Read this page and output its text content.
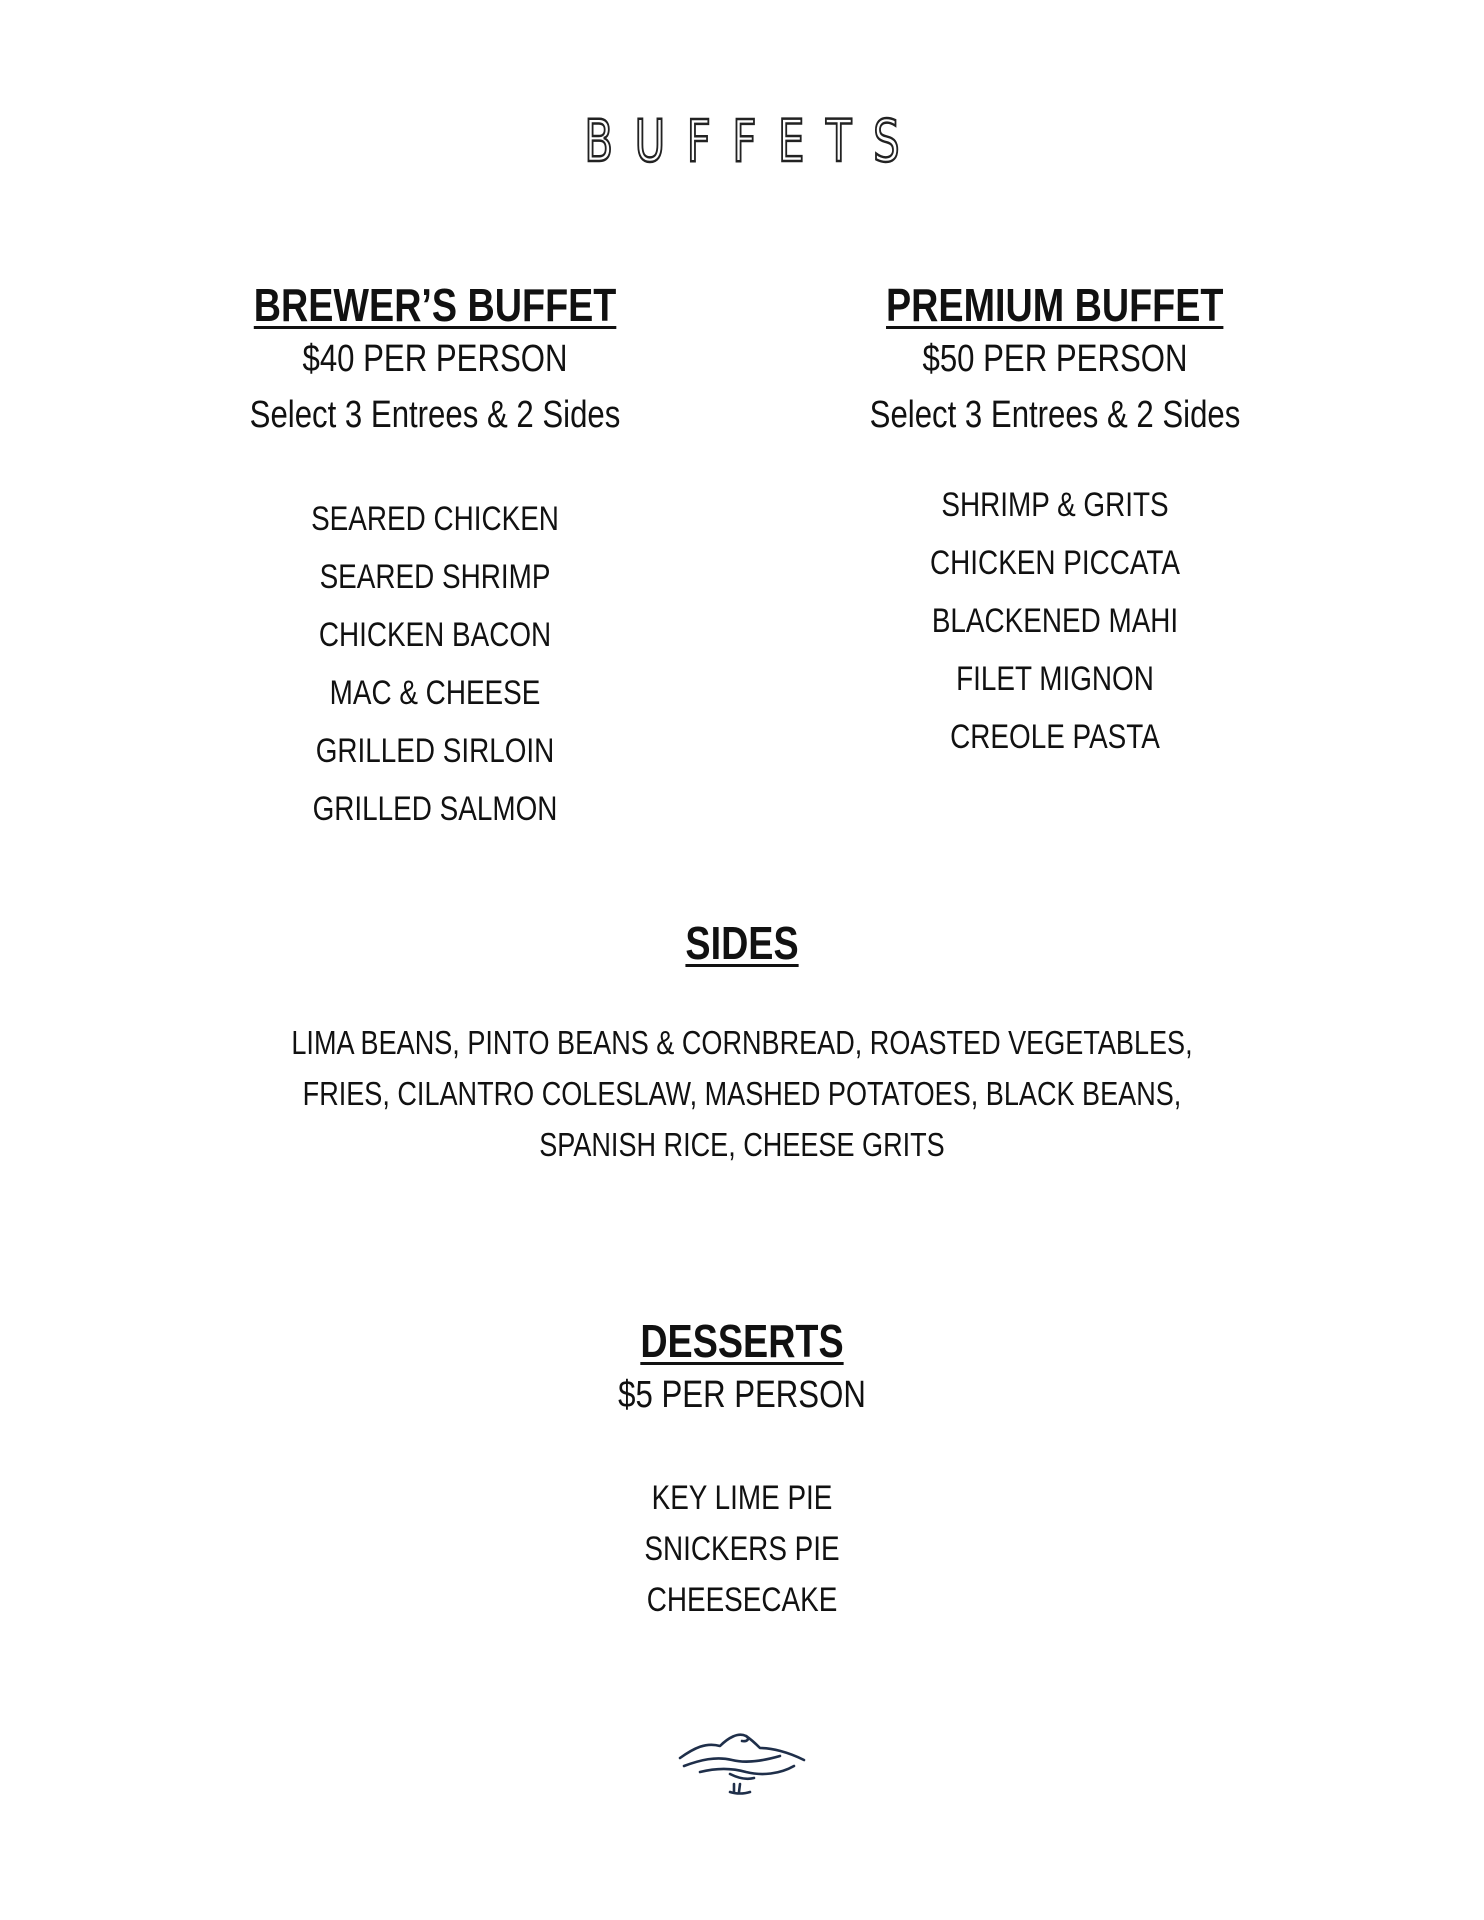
BUFFETS
BREWER’S BUFFET
$40 PER PERSON
Select 3 Entrees & 2 Sides
SEARED CHICKEN
SEARED SHRIMP
CHICKEN BACON
MAC & CHEESE
GRILLED SIRLOIN
GRILLED SALMON
PREMIUM BUFFET
$50 PER PERSON
Select 3 Entrees & 2 Sides
SHRIMP & GRITS
CHICKEN PICCATA
BLACKENED MAHI
FILET MIGNON
CREOLE PASTA
SIDES
LIMA BEANS, PINTO BEANS & CORNBREAD, ROASTED VEGETABLES,
FRIES, CILANTRO COLESLAW, MASHED POTATOES, BLACK BEANS,
SPANISH RICE, CHEESE GRITS
DESSERTS
$5 PER PERSON
KEY LIME PIE
SNICKERS PIE
CHEESECAKE
